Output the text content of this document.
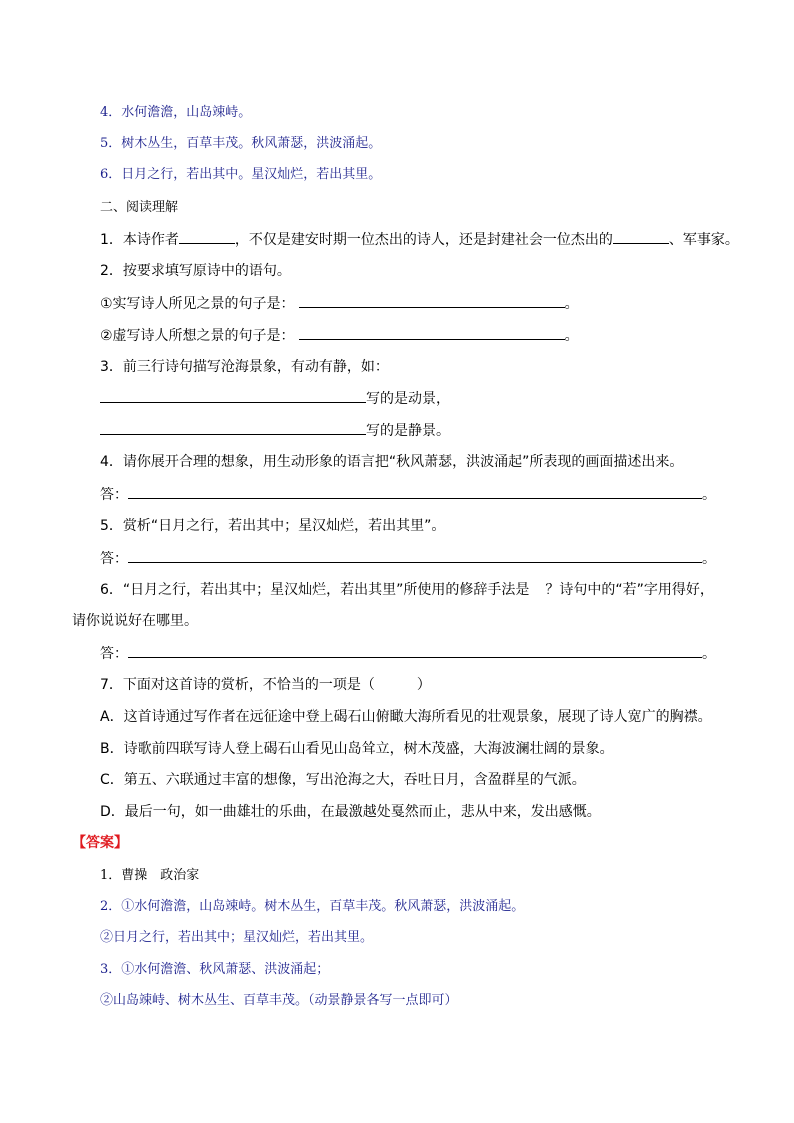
4．水何澹澹，山岛竦峙。
5．树木丛生，百草丰茂。秋风萧瑟，洪波涌起。
6．日月之行，若出其中。星汉灿烂，若出其里。
二、阅读理解
1．本诗作者	，不仅是建安时期一位杰出的诗人，还是封建社会一位杰出的	、军事家。
2．按要求填写原诗中的语句。
①实写诗人所见之景的句子是：	。
②虚写诗人所想之景的句子是：	。
3．前三行诗句描写沧海景象，有动有静，如：
写的是动景，
写的是静景。
4．请你展开合理的想象，用生动形象的语言把“秋风萧瑟，洪波涌起”所表现的画面描述出来。
答：	。
5．赏析“日月之行，若出其中；星汉灿烂，若出其里”。
答：	。
6．“日月之行，若出其中；星汉灿烂，若出其里”所使用的修辞手法是 ？诗句中的“若”字用得好，
请你说说好在哪里。
答：	。
7．下面对这首诗的赏析，不恰当的一项是（	）
A．这首诗通过写作者在远征途中登上碣石山俯瞰大海所看见的壮观景象，展现了诗人宽广的胸襟。
B．诗歌前四联写诗人登上碣石山看见山岛耸立，树木茂盛，大海波澜壮阔的景象。
C．第五、六联通过丰富的想像，写出沧海之大，吞吐日月，含盈群星的气派。
D．最后一句，如一曲雄壮的乐曲，在最激越处戛然而止，悲从中来，发出感慨。
【答案】
1．曹操　政治家
2．①水何澹澹，山岛竦峙。树木丛生，百草丰茂。秋风萧瑟，洪波涌起。
②日月之行，若出其中；星汉灿烂，若出其里。
3．①水何澹澹、秋风萧瑟、洪波涌起；
②山岛竦峙、树木丛生、百草丰茂。（动景静景各写一点即可）
